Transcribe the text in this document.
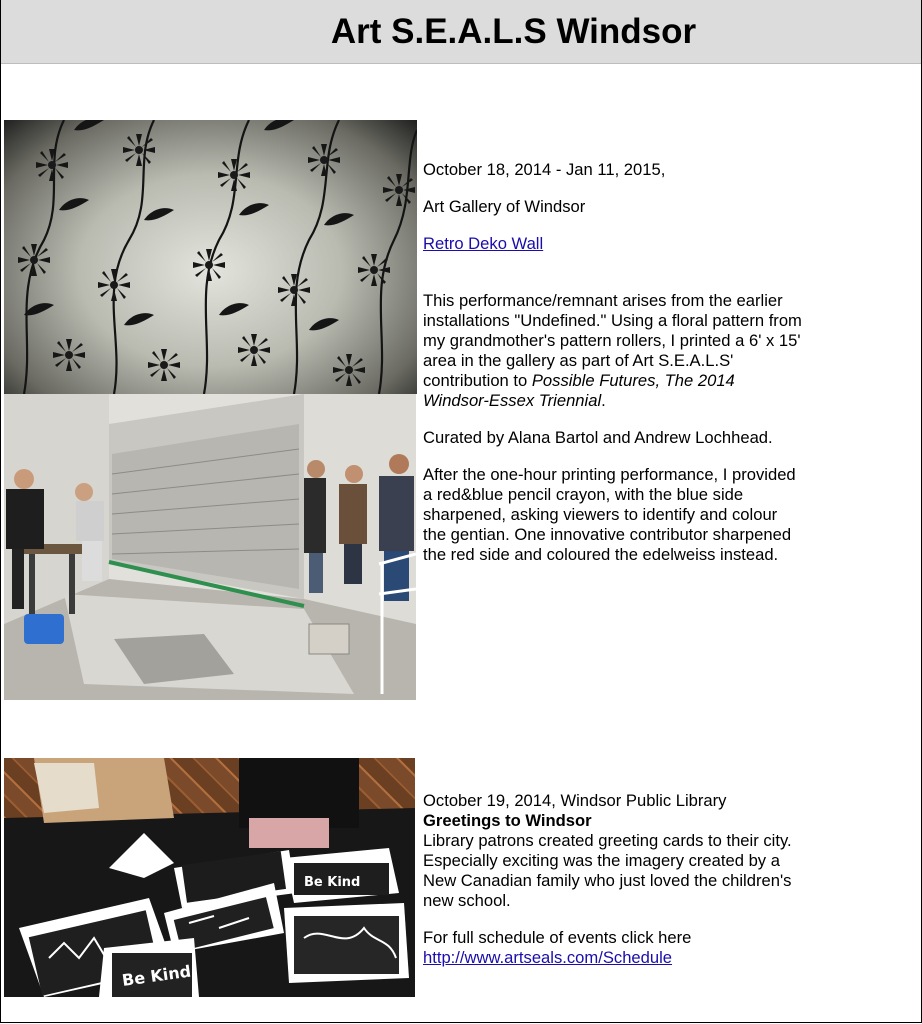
Art S.E.A.L.S Windsor
Be Kind
Be Kind

October 18, 2014 - Jan 11, 2015,

Art Gallery of Windsor

Retro Deko Wall

This performance/remnant arises from the earlier installations "Undefined." Using a floral pattern from my grandmother's pattern rollers, I printed a 6' x 15' area in the gallery as part of Art S.E.A.L.S' contribution to Possible Futures, The 2014 Windsor-Essex Triennial.

Curated by Alana Bartol and Andrew Lochhead.

After the one-hour printing performance, I provided a red&blue pencil crayon, with the blue side sharpened, asking viewers to identify and colour the gentian. One innovative contributor sharpened the red side and coloured the edelweiss instead.

October 19, 2014, Windsor Public Library

Greetings to Windsor

Library patrons created greeting cards to their city. Especially exciting was the imagery created by a New Canadian family who just loved the children's new school.

For full schedule of events click here

http://www.artseals.com/Schedule
